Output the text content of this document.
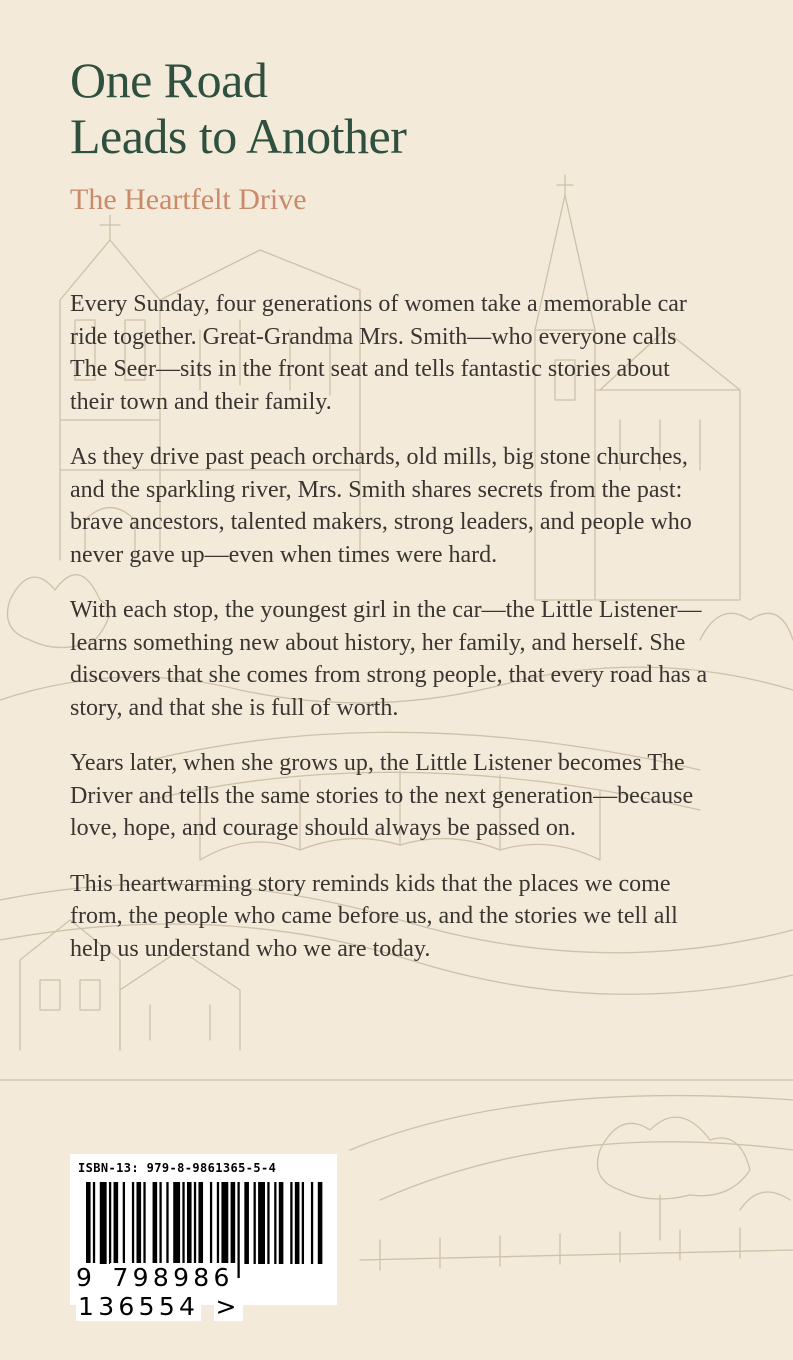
One Road
Leads to Another
The Heartfelt Drive

Every Sunday, four generations of women take a memorable car ride together. Great-Grandma Mrs. Smith—who everyone calls The Seer—sits in the front seat and tells fantastic stories about their town and their family.

As they drive past peach orchards, old mills, big stone churches, and the sparkling river, Mrs. Smith shares secrets from the past: brave ancestors, talented makers, strong leaders, and people who never gave up—even when times were hard.

With each stop, the youngest girl in the car—the Little Listener—learns something new about history, her family, and herself. She discovers that she comes from strong people, that every road has a story, and that she is full of worth.

Years later, when she grows up, the Little Listener becomes The Driver and tells the same stories to the next generation—because love, hope, and courage should always be passed on.

This heartwarming story reminds kids that the places we come from, the people who came before us, and the stories we tell all help us understand who we are today.

ISBN-13: 979-8-9861365-5-4
9 798986 136554 >
